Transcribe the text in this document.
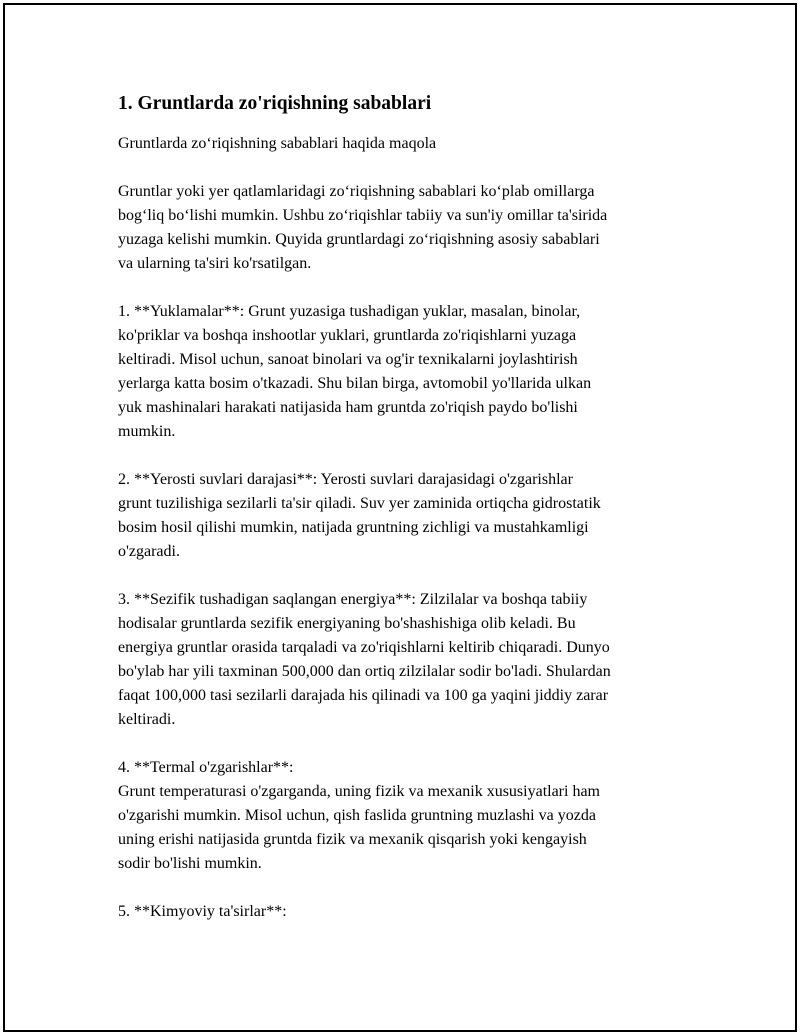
1. Gruntlarda zo'riqishning sabablari

Gruntlarda zo‘riqishning sabablari haqida maqola

Gruntlar yoki yer qatlamlaridagi zo‘riqishning sabablari ko‘plab omillarga
bog‘liq bo‘lishi mumkin. Ushbu zo‘riqishlar tabiiy va sun'iy omillar ta'sirida
yuzaga kelishi mumkin. Quyida gruntlardagi zo‘riqishning asosiy sabablari
va ularning ta'siri ko'rsatilgan.

1. **Yuklamalar**: Grunt yuzasiga tushadigan yuklar, masalan, binolar,
ko'priklar va boshqa inshootlar yuklari, gruntlarda zo'riqishlarni yuzaga
keltiradi. Misol uchun, sanoat binolari va og'ir texnikalarni joylashtirish
yerlarga katta bosim o'tkazadi. Shu bilan birga, avtomobil yo'llarida ulkan
yuk mashinalari harakati natijasida ham gruntda zo'riqish paydo bo'lishi
mumkin.

2. **Yerosti suvlari darajasi**: Yerosti suvlari darajasidagi o'zgarishlar
grunt tuzilishiga sezilarli ta'sir qiladi. Suv yer zaminida ortiqcha gidrostatik
bosim hosil qilishi mumkin, natijada gruntning zichligi va mustahkamligi
o'zgaradi.

3. **Sezifik tushadigan saqlangan energiya**: Zilzilalar va boshqa tabiiy
hodisalar gruntlarda sezifik energiyaning bo'shashishiga olib keladi. Bu
energiya gruntlar orasida tarqaladi va zo'riqishlarni keltirib chiqaradi. Dunyo
bo'ylab har yili taxminan 500,000 dan ortiq zilzilalar sodir bo'ladi. Shulardan
faqat 100,000 tasi sezilarli darajada his qilinadi va 100 ga yaqini jiddiy zarar
keltiradi.

4. **Termal o'zgarishlar**:
Grunt temperaturasi o'zgarganda, uning fizik va mexanik xususiyatlari ham
o'zgarishi mumkin. Misol uchun, qish faslida gruntning muzlashi va yozda
uning erishi natijasida gruntda fizik va mexanik qisqarish yoki kengayish
sodir bo'lishi mumkin.

5. **Kimyoviy ta'sirlar**:
